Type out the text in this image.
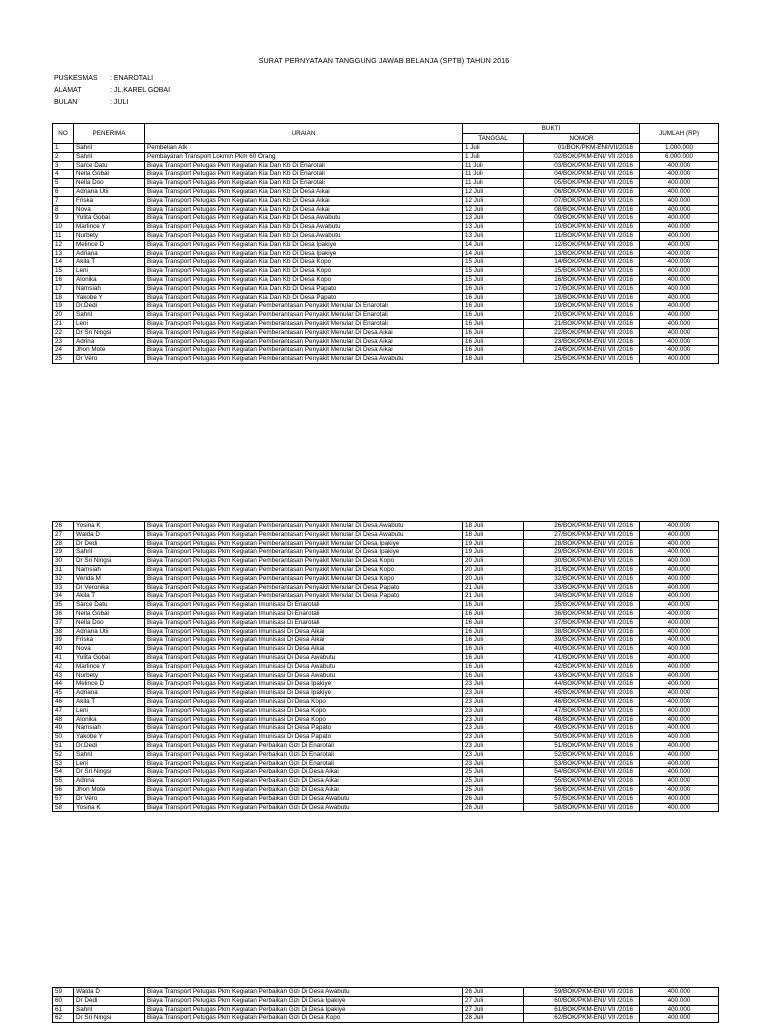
SURAT PERNYATAAN TANGGUNG JAWAB BELANJA (SPTB) TAHUN 2016
PUSKESMAS : ENAROTALI
ALAMAT	: JL.KAREL GOBAI
BULAN	: JULI
NO	PENERIMA	URAIAN	BUKTI		JUMLAH (RP)
			TANGGAL	NOMOR	
1	Sahril	Pembelian Atk	1 Juli	01/BOK/PKM-ENI/VII/2016	1.000.000
2	Sahril	Pembayaran Transport Lokmin Pkm 60 Orang	1 Juli	02/BOK/PKM-ENI/ VII /2016	6.000.000
3	Sarce Datu	Biaya Transport Petugas Pkm Kegiatan Kia Dan Kb Di Enarotali	11 Juli	03/BOK/PKM-ENI/ VII /2016	400.000
4	Nella Gobai	Biaya Transport Petugas Pkm Kegiatan Kia Dan Kb Di Enarotali	11 Juli	04/BOK/PKM-ENI/ VII /2016	400.000
5	Nella Doo	Biaya Transport Petugas Pkm Kegiatan Kia Dan Kb Di Enarotali	11 Juli	05/BOK/PKM-ENI/ VII /2016	400.000
6	Adriana Utii	Biaya Transport Petugas Pkm Kegiatan Kia Dan Kb Di Desa Aikai	12 Juli	06/BOK/PKM-ENI/ VII /2016	400.000
7	Friska	Biaya Transport Petugas Pkm Kegiatan Kia Dan Kb Di Desa Aikai	12 Juli	07/BOK/PKM-ENI/ VII /2016	400.000
8	Nova	Biaya Transport Petugas Pkm Kegiatan Kia Dan Kb Di Desa Aikai	12 Juli	08/BOK/PKM-ENI/ VII /2016	400.000
9	Yulita Gobai	Biaya Transport Petugas Pkm Kegiatan Kia Dan Kb Di Desa Awabutu	13 Juli	09/BOK/PKM-ENI/ VII /2016	400.000
10	Marlince Y	Biaya Transport Petugas Pkm Kegiatan Kia Dan Kb Di Desa Awabutu	13 Juli	10/BOK/PKM-ENI/ VII /2016	400.000
11	Nurbety	Biaya Transport Petugas Pkm Kegiatan Kia Dan Kb Di Desa Awabutu	13 Juli	11/BOK/PKM-ENI/ VII /2016	400.000
12	Melince D	Biaya Transport Petugas Pkm Kegiatan Kia Dan Kb Di Desa Ipakiye	14 Juli	12/BOK/PKM-ENI/ VII /2016	400.000
13	Adriana	Biaya Transport Petugas Pkm Kegiatan Kia Dan Kb Di Desa Ipakiye	14 Juli	13/BOK/PKM-ENI/ VII /2016	400.000
14	Akila T	Biaya Transport Petugas Pkm Kegiatan Kia Dan Kb Di Desa Kopo	15 Juli	14/BOK/PKM-ENI/ VII /2016	400.000
15	Leni	Biaya Transport Petugas Pkm Kegiatan Kia Dan Kb Di Desa Kopo	15 Juli	15/BOK/PKM-ENI/ VII /2016	400.000
16	Alonika	Biaya Transport Petugas Pkm Kegiatan Kia Dan Kb Di Desa Kopo	15 Juli	16/BOK/PKM-ENI/ VII /2016	400.000
17	Namsiah	Biaya Transport Petugas Pkm Kegiatan Kia Dan Kb Di Desa Papato	16 Juli	17/BOK/PKM-ENI/ VII /2016	400.000
18	Yakobe Y	Biaya Transport Petugas Pkm Kegiatan Kia Dan Kb Di Desa Papato	16 Juli	18/BOK/PKM-ENI/ VII /2016	400.000
19	Dr.Dedi	Biaya Transport Petugas Pkm Kegiatan Pemberantasan Penyakit Menular Di Enarotali	16 Juli	19/BOK/PKM-ENI/ VII /2016	400.000
20	Sahril	Biaya Transport Petugas Pkm Kegiatan Pemberantasan Penyakit Menular Di Enarotali	16 Juli	20/BOK/PKM-ENI/ VII /2016	400.000
21	Leni	Biaya Transport Petugas Pkm Kegiatan Pemberantasan Penyakit Menular Di Enarotali	16 Juli	21/BOK/PKM-ENI/ VII /2016	400.000
22	Dr Sri Ningsi	Biaya Transport Petugas Pkm Kegiatan Pemberantasan Penyakit Menular Di Desa Aikai	16 Juli	22/BOK/PKM-ENI/ VII /2016	400.000
23	Adrina	Biaya Transport Petugas Pkm Kegiatan Pemberantasan Penyakit Menular Di Desa Aikai	16 Juli	23/BOK/PKM-ENI/ VII /2016	400.000
24	Jhon Mote	Biaya Transport Petugas Pkm Kegiatan Pemberantasan Penyakit Menular Di Desa Aikai	16 Juli	24/BOK/PKM-ENI/ VII /2016	400.000
25	Dr Vero	Biaya Transport Petugas Pkm Kegiatan Pemberantasan Penyakit Menular Di Desa Awabutu	18 Juli	25/BOK/PKM-ENI/ VII /2016	400.000
26	Yosina K	Biaya Transport Petugas Pkm Kegiatan Pemberantasan Penyakit Menular Di Desa Awabutu	18 Juli	26/BOK/PKM-ENI/ VII /2016	400.000
27	Walda D	Biaya Transport Petugas Pkm Kegiatan Pemberantasan Penyakit Menular Di Desa Awabutu	18 Juli	27/BOK/PKM-ENI/ VII /2016	400.000
28	Dr Dedi	Biaya Transport Petugas Pkm Kegiatan Pemberantasan Penyakit Menular Di Desa Ipakiye	19 Juli	28/BOK/PKM-ENI/ VII /2016	400.000
29	Sahril	Biaya Transport Petugas Pkm Kegiatan Pemberantasan Penyakit Menular Di Desa Ipakiye	19 Juli	29/BOK/PKM-ENI/ VII /2016	400.000
30	Dr Sri Ningsi	Biaya Transport Petugas Pkm Kegiatan Pemberantasan Penyakit Menular Di Desa Kopo	20 Juli	30/BOK/PKM-ENI/ VII /2016	400.000
31	Namsiah	Biaya Transport Petugas Pkm Kegiatan Pemberantasan Penyakit Menular Di Desa Kopo	20 Juli	31/BOK/PKM-ENI/ VII /2016	400.000
32	Verida M	Biaya Transport Petugas Pkm Kegiatan Pemberantasan Penyakit Menular Di Desa Kopo	20 Juli	32/BOK/PKM-ENI/ VII /2016	400.000
33	Dr Veronika	Biaya Transport Petugas Pkm Kegiatan Pemberantasan Penyakit Menular Di Desa Papato	21 Juli	33/BOK/PKM-ENI/ VII /2016	400.000
34	Akila T	Biaya Transport Petugas Pkm Kegiatan Pemberantasan Penyakit Menular Di Desa Papato	21 Juli	34/BOK/PKM-ENI/ VII /2016	400.000
35	Sarce Datu	Biaya Transport Petugas Pkm Kegiatan Imunisasi Di Enarotali	16 Juli	35/BOK/PKM-ENI/ VII /2016	400.000
36	Nella Gobai	Biaya Transport Petugas Pkm Kegiatan Imunisasi Di Enarotali	16 Juli	36/BOK/PKM-ENI/ VII /2016	400.000
37	Nella Doo	Biaya Transport Petugas Pkm Kegiatan Imunisasi Di Enarotali	16 Juli	37/BOK/PKM-ENI/ VII /2016	400.000
38	Adriana Utii	Biaya Transport Petugas Pkm Kegiatan Imunisasi Di Desa Aikai	16 Juli	38/BOK/PKM-ENI/ VII /2016	400.000
39	Friska	Biaya Transport Petugas Pkm Kegiatan Imunisasi Di Desa Aikai	16 Juli	39/BOK/PKM-ENI/ VII /2016	400.000
40	Nova	Biaya Transport Petugas Pkm Kegiatan Imunisasi Di Desa Aikai	16 Juli	40/BOK/PKM-ENI/ VII /2016	400.000
41	Yulita Gobai	Biaya Transport Petugas Pkm Kegiatan Imunisasi Di Desa Awabutu	16 Juli	41/BOK/PKM-ENI/ VII /2016	400.000
42	Marlince Y	Biaya Transport Petugas Pkm Kegiatan Imunisasi Di Desa Awabutu	16 Juli	42/BOK/PKM-ENI/ VII /2016	400.000
43	Nurbety	Biaya Transport Petugas Pkm Kegiatan Imunisasi Di Desa Awabutu	16 Juli	43/BOK/PKM-ENI/ VII /2016	400.000
44	Melince D	Biaya Transport Petugas Pkm Kegiatan Imunisasi Di Desa Ipakiye	23 Juli	44/BOK/PKM-ENI/ VII /2016	400.000
45	Adriana	Biaya Transport Petugas Pkm Kegiatan Imunisasi Di Desa Ipakiye	23 Juli	45/BOK/PKM-ENI/ VII /2016	400.000
46	Akila T	Biaya Transport Petugas Pkm Kegiatan Imunisasi Di Desa Kopo	23 Juli	46/BOK/PKM-ENI/ VII /2016	400.000
47	Leni	Biaya Transport Petugas Pkm Kegiatan Imunisasi Di Desa Kopo	23 Juli	47/BOK/PKM-ENI/ VII /2016	400.000
48	Alonika	Biaya Transport Petugas Pkm Kegiatan Imunisasi Di Desa Kopo	23 Juli	48/BOK/PKM-ENI/ VII /2016	400.000
49	Namsiah	Biaya Transport Petugas Pkm Kegiatan Imunisasi Di Desa Papato	23 Juli	49/BOK/PKM-ENI/ VII /2016	400.000
50	Yakobe Y	Biaya Transport Petugas Pkm Kegiatan Imunisasi Di Desa Papato	23 Juli	50/BOK/PKM-ENI/ VII /2016	400.000
51	Dr.Dedi	Biaya Transport Petugas Pkm Kegiatan Perbaikan Gizi Di Enarotali	23 Juli	51/BOK/PKM-ENI/ VII /2016	400.000
52	Sahril	Biaya Transport Petugas Pkm Kegiatan Perbaikan Gizi Di Enarotali	23 Juli	52/BOK/PKM-ENI/ VII /2016	400.000
53	Leni	Biaya Transport Petugas Pkm Kegiatan Perbaikan Gizi Di Enarotali	23 Juli	53/BOK/PKM-ENI/ VII /2016	400.000
54	Dr Sri Ningsi	Biaya Transport Petugas Pkm Kegiatan Perbaikan Gizi Di Desa Aikai	25 Juli	54/BOK/PKM-ENI/ VII /2016	400.000
55	Adrina	Biaya Transport Petugas Pkm Kegiatan Perbaikan Gizi Di Desa Aikai	25 Juli	55/BOK/PKM-ENI/ VII /2016	400.000
56	Jhon Mote	Biaya Transport Petugas Pkm Kegiatan Perbaikan Gizi Di Desa Aikai	25 Juli	56/BOK/PKM-ENI/ VII /2016	400.000
57	Dr Vero	Biaya Transport Petugas Pkm Kegiatan Perbaikan Gizi Di Desa Awabutu	26 Juli	57/BOK/PKM-ENI/ VII /2016	400.000
58	Yosina K	Biaya Transport Petugas Pkm Kegiatan Perbaikan Gizi Di Desa Awabutu	26 Juli	58/BOK/PKM-ENI/ VII /2016	400.000
59	Walda D	Biaya Transport Petugas Pkm Kegiatan Perbaikan Gizi Di Desa Awabutu	26 Juli	59/BOK/PKM-ENI/ VII /2016	400.000
60	Dr Dedi	Biaya Transport Petugas Pkm Kegiatan Perbaikan Gizi Di Desa Ipakiye	27 Juli	60/BOK/PKM-ENI/ VII /2016	400.000
61	Sahril	Biaya Transport Petugas Pkm Kegiatan Perbaikan Gizi Di Desa Ipakiye	27 Juli	61/BOK/PKM-ENI/ VII /2016	400.000
62	Dr Sri Ningsi	Biaya Transport Petugas Pkm Kegiatan Perbaikan Gizi Di Desa Kopo	28 Juli	62/BOK/PKM-ENI/ VII /2016	400.000
